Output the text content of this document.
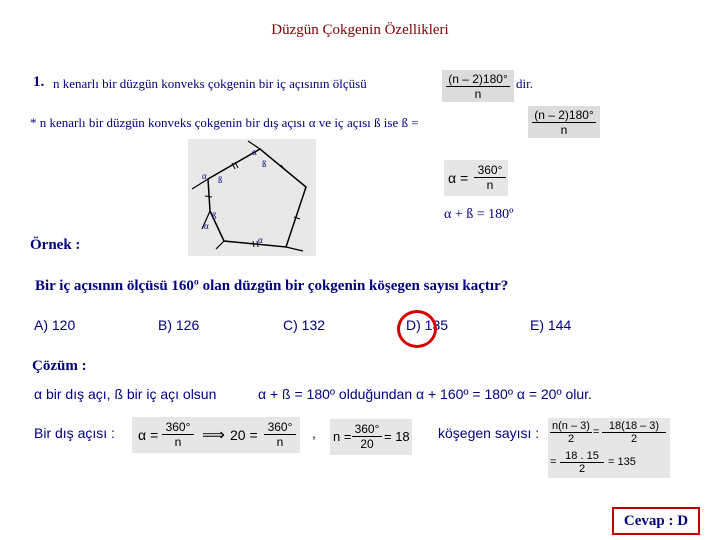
Düzgün Çokgenin Özellikleri
1. n kenarlı bir düzgün konveks çokgenin bir iç açısının ölçüsü	(n – 2)180°
n
dir.
* n kenarlı bir düzgün konveks çokgenin bir dış açısı α ve iç açısı ß ise ß =	(n – 2)180°
n
α
ß
α ß
ß
α
α
α = 360°
n
α + ß = 180º
Örnek :
Bir iç açısının ölçüsü 160º olan düzgün bir çokgenin köşegen sayısı kaçtır?
A) 120	B) 126	C) 132	D) 135	E) 144
Çözüm :
α bir dış açı, ß bir iç açı olsun	α + ß = 180º olduğundan α + 160º = 180º α = 20º olur.
Bir dış açısı : α = 360°
n ⟹ 20 = 360°
n
, n = 360°
20 = 18 köşegen sayısı : n(n – 3)
2
= 18(18 – 3)
2
= 18 . 15
2
= 135
Cevap : D
